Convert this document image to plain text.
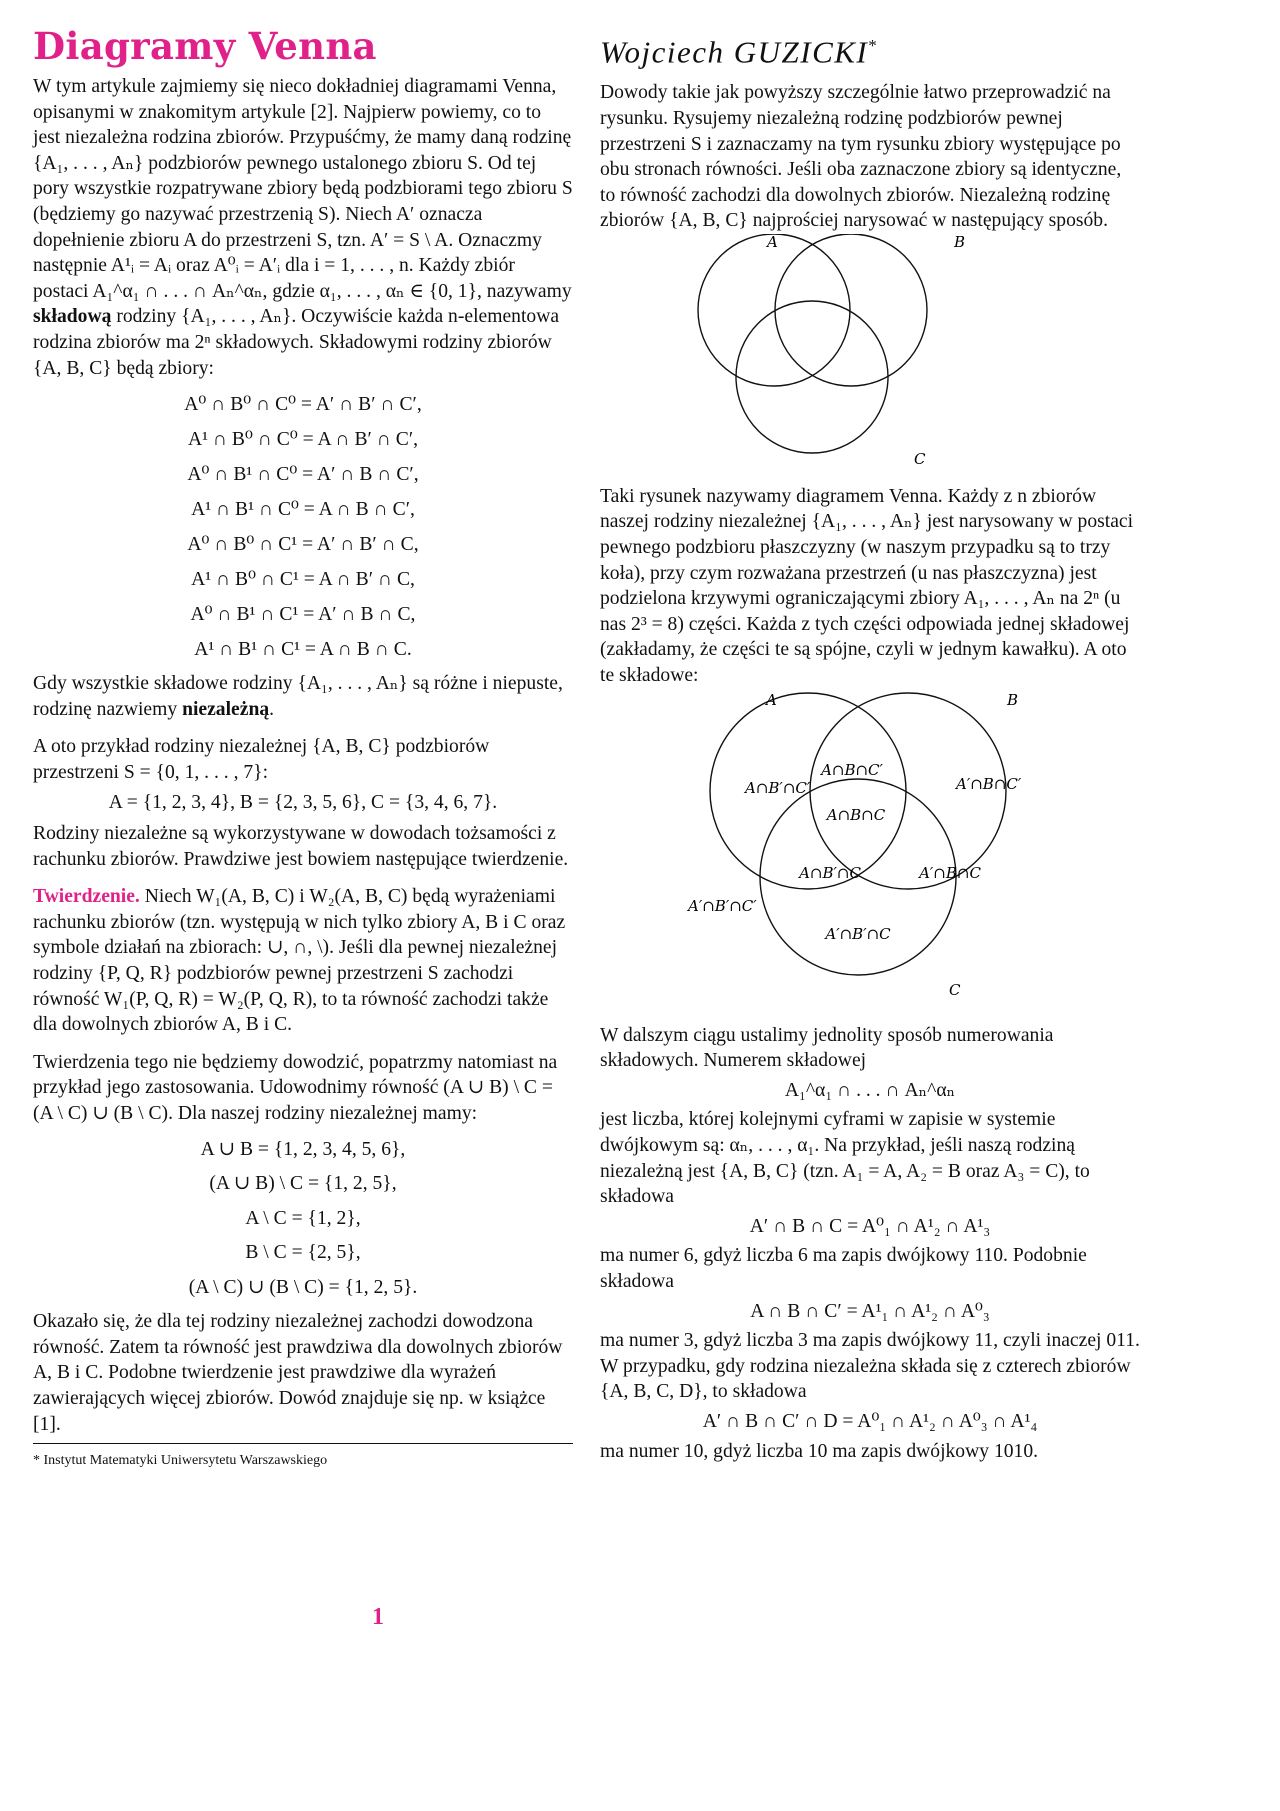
Diagramy Venna

W tym artykule zajmiemy się nieco dokładniej diagramami Venna, opisanymi w znakomitym artykule [2]. Najpierw powiemy, co to jest niezależna rodzina zbiorów. Przypuśćmy, że mamy daną rodzinę {A₁, . . . , Aₙ} podzbiorów pewnego ustalonego zbioru S. Od tej pory wszystkie rozpatrywane zbiory będą podzbiorami tego zbioru S (będziemy go nazywać przestrzenią S). Niech A′ oznacza dopełnienie zbioru A do przestrzeni S, tzn. A′ = S \ A. Oznaczmy następnie A¹ᵢ = Aᵢ oraz A⁰ᵢ = A′ᵢ dla i = 1, . . . , n. Każdy zbiór postaci A₁^α₁ ∩ . . . ∩ Aₙ^αₙ, gdzie α₁, . . . , αₙ ∈ {0, 1}, nazywamy składową rodziny {A₁, . . . , Aₙ}. Oczywiście każda n-elementowa rodzina zbiorów ma 2ⁿ składowych. Składowymi rodziny zbiorów {A, B, C} będą zbiory:

A⁰ ∩ B⁰ ∩ C⁰ = A′ ∩ B′ ∩ C′,

A¹ ∩ B⁰ ∩ C⁰ = A ∩ B′ ∩ C′,

A⁰ ∩ B¹ ∩ C⁰ = A′ ∩ B ∩ C′,

A¹ ∩ B¹ ∩ C⁰ = A ∩ B ∩ C′,

A⁰ ∩ B⁰ ∩ C¹ = A′ ∩ B′ ∩ C,

A¹ ∩ B⁰ ∩ C¹ = A ∩ B′ ∩ C,

A⁰ ∩ B¹ ∩ C¹ = A′ ∩ B ∩ C,

A¹ ∩ B¹ ∩ C¹ = A ∩ B ∩ C.

Gdy wszystkie składowe rodziny {A₁, . . . , Aₙ} są różne i niepuste, rodzinę nazwiemy niezależną.

A oto przykład rodziny niezależnej {A, B, C} podzbiorów przestrzeni S = {0, 1, . . . , 7}:

A = {1, 2, 3, 4}, B = {2, 3, 5, 6}, C = {3, 4, 6, 7}.

Rodziny niezależne są wykorzystywane w dowodach tożsamości z rachunku zbiorów. Prawdziwe jest bowiem następujące twierdzenie.

Twierdzenie. Niech W₁(A, B, C) i W₂(A, B, C) będą wyrażeniami rachunku zbiorów (tzn. występują w nich tylko zbiory A, B i C oraz symbole działań na zbiorach: ∪, ∩, \). Jeśli dla pewnej niezależnej rodziny {P, Q, R} podzbiorów pewnej przestrzeni S zachodzi równość W₁(P, Q, R) = W₂(P, Q, R), to ta równość zachodzi także dla dowolnych zbiorów A, B i C.

Twierdzenia tego nie będziemy dowodzić, popatrzmy natomiast na przykład jego zastosowania. Udowodnimy równość (A ∪ B) \ C = (A \ C) ∪ (B \ C). Dla naszej rodziny niezależnej mamy:

A ∪ B = {1, 2, 3, 4, 5, 6},

(A ∪ B) \ C = {1, 2, 5},

A \ C = {1, 2},

B \ C = {2, 5},

(A \ C) ∪ (B \ C) = {1, 2, 5}.

Okazało się, że dla tej rodziny niezależnej zachodzi dowodzona równość. Zatem ta równość jest prawdziwa dla dowolnych zbiorów A, B i C. Podobne twierdzenie jest prawdziwe dla wyrażeń zawierających więcej zbiorów. Dowód znajduje się np. w książce [1].

* Instytut Matematyki Uniwersytetu Warszawskiego

Wojciech GUZICKI*

Dowody takie jak powyższy szczególnie łatwo przeprowadzić na rysunku. Rysujemy niezależną rodzinę podzbiorów pewnej przestrzeni S i zaznaczamy na tym rysunku zbiory występujące po obu stronach równości. Jeśli oba zaznaczone zbiory są identyczne, to równość zachodzi dla dowolnych zbiorów. Niezależną rodzinę zbiorów {A, B, C} najprościej narysować w następujący sposób.

A	B
C

Taki rysunek nazywamy diagramem Venna. Każdy z n zbiorów naszej rodziny niezależnej {A₁, . . . , Aₙ} jest narysowany w postaci pewnego podzbioru płaszczyzny (w naszym przypadku są to trzy koła), przy czym rozważana przestrzeń (u nas płaszczyzna) jest podzielona krzywymi ograniczającymi zbiory A₁, . . . , Aₙ na 2ⁿ (u nas 2³ = 8) części. Każda z tych części odpowiada jednej składowej (zakładamy, że części te są spójne, czyli w jednym kawałku). A oto te składowe:

A	B
C
A∩B′∩C′
A∩B∩C′
A′∩B∩C′
A∩B∩C
A∩B′∩C	A′∩B∩C
A′∩B′∩C′
A′∩B′∩C

W dalszym ciągu ustalimy jednolity sposób numerowania składowych. Numerem składowej

A₁^α₁ ∩ . . . ∩ Aₙ^αₙ

jest liczba, której kolejnymi cyframi w zapisie w systemie dwójkowym są: αₙ, . . . , α₁. Na przykład, jeśli naszą rodziną niezależną jest {A, B, C} (tzn. A₁ = A, A₂ = B oraz A₃ = C), to składowa

A′ ∩ B ∩ C = A⁰₁ ∩ A¹₂ ∩ A¹₃

ma numer 6, gdyż liczba 6 ma zapis dwójkowy 110. Podobnie składowa

A ∩ B ∩ C′ = A¹₁ ∩ A¹₂ ∩ A⁰₃

ma numer 3, gdyż liczba 3 ma zapis dwójkowy 11, czyli inaczej 011. W przypadku, gdy rodzina niezależna składa się z czterech zbiorów {A, B, C, D}, to składowa

A′ ∩ B ∩ C′ ∩ D = A⁰₁ ∩ A¹₂ ∩ A⁰₃ ∩ A¹₄

ma numer 10, gdyż liczba 10 ma zapis dwójkowy 1010.

1
